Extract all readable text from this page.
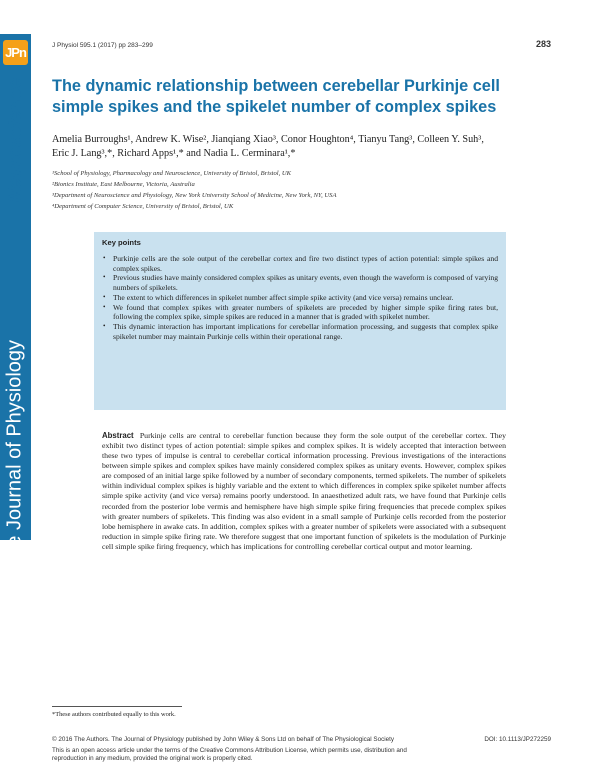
JPn
Neuroscience
The Journal of Physiology
J Physiol 595.1 (2017) pp 283–299	283
The dynamic relationship between cerebellar Purkinje cell simple spikes and the spikelet number of complex spikes
Amelia Burroughs¹, Andrew K. Wise², Jianqiang Xiao³, Conor Houghton⁴, Tianyu Tang³, Colleen Y. Suh³,
Eric J. Lang³,*, Richard Apps¹,* and Nadia L. Cerminara¹,*
¹School of Physiology, Pharmacology and Neuroscience, University of Bristol, Bristol, UK
²Bionics Institute, East Melbourne, Victoria, Australia
³Department of Neuroscience and Physiology, New York University School of Medicine, New York, NY, USA
⁴Department of Computer Science, University of Bristol, Bristol, UK
Key points
• Purkinje cells are the sole output of the cerebellar cortex and fire two distinct types of action potential: simple spikes and complex spikes.
• Previous studies have mainly considered complex spikes as unitary events, even though the waveform is composed of varying numbers of spikelets.
• The extent to which differences in spikelet number affect simple spike activity (and vice versa) remains unclear.
• We found that complex spikes with greater numbers of spikelets are preceded by higher simple spike firing rates but, following the complex spike, simple spikes are reduced in a manner that is graded with spikelet number.
• This dynamic interaction has important implications for cerebellar information processing, and suggests that complex spike spikelet number may maintain Purkinje cells within their operational range.
Abstract Purkinje cells are central to cerebellar function because they form the sole output of the cerebellar cortex. They exhibit two distinct types of action potential: simple spikes and complex spikes. It is widely accepted that interaction between these two types of impulse is central to cerebellar cortical information processing. Previous investigations of the interactions between simple spikes and complex spikes have mainly considered complex spikes as unitary events. However, complex spikes are composed of an initial large spike followed by a number of secondary components, termed spikelets. The number of spikelets within individual complex spikes is highly variable and the extent to which differences in complex spike spikelet number affects simple spike activity (and vice versa) remains poorly understood. In anaesthetized adult rats, we have found that Purkinje cells recorded from the posterior lobe vermis and hemisphere have high simple spike firing frequencies that precede complex spikes with greater numbers of spikelets. This finding was also evident in a small sample of Purkinje cells recorded from the posterior lobe hemisphere in awake cats. In addition, complex spikes with a greater number of spikelets were associated with a subsequent reduction in simple spike firing rate. We therefore suggest that one important function of spikelets is the modulation of Purkinje cell simple spike firing frequency, which has implications for controlling cerebellar cortical output and motor learning.
*These authors contributed equally to this work.
© 2016 The Authors. The Journal of Physiology published by John Wiley & Sons Ltd on behalf of The Physiological Society	DOI: 10.1113/JP272259
This is an open access article under the terms of the Creative Commons Attribution License, which permits use, distribution and reproduction in any medium, provided the original work is properly cited.
